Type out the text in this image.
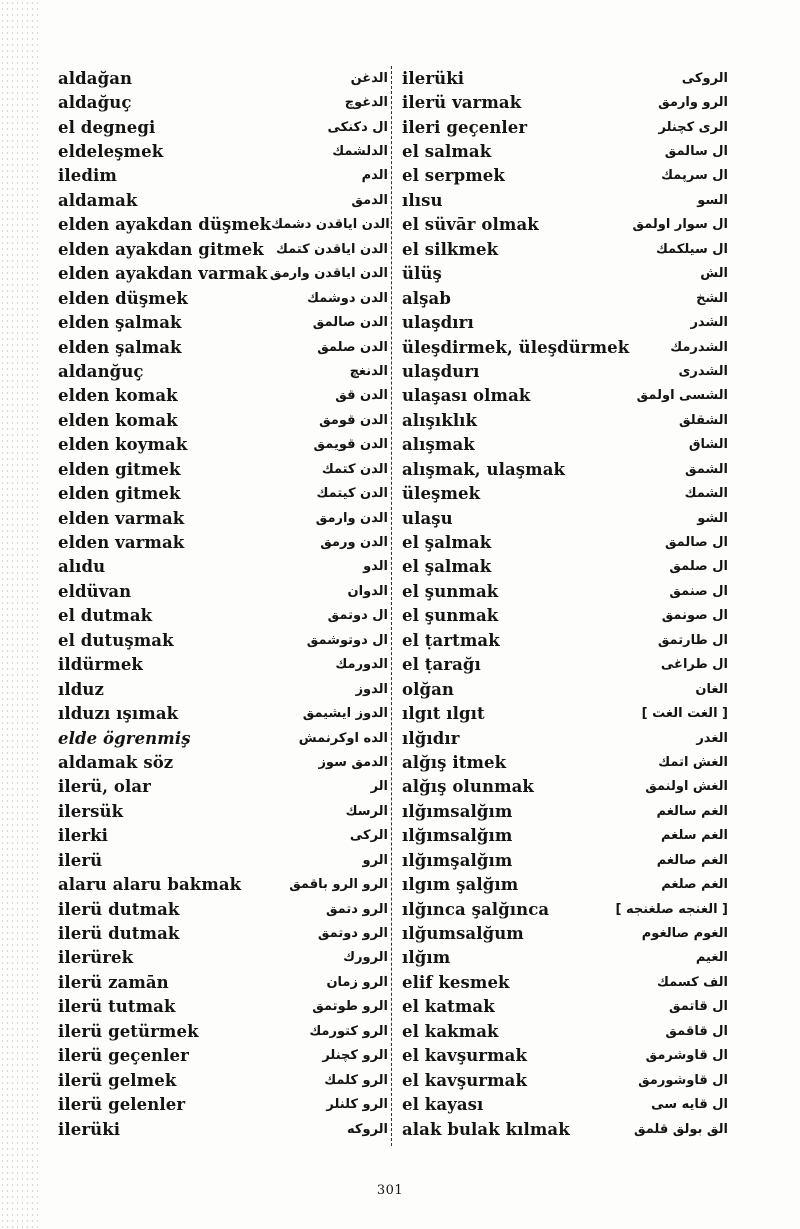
aldağan	الدغن
aldağuç	الدغوچ
el degnegi	ال دكنكى
eldeleşmek	الدلشمك
iledim	الدم
aldamak	الدمق
elden ayakdan düşmek الدن اياقدن دشمك
elden ayakdan gitmek الدن اياقدن كتمك
elden ayakdan varmak الدن اياقدن وارمق
elden düşmek	الدن دوشمك
elden şalmak	الدن صالمق
elden şalmak	الدن صلمق
aldanğuç	الدنغچ
elden komak	الدن قق
elden komak	الدن قومق
elden koymak	الدن قويمق
elden gitmek	الدن كتمك
elden gitmek	الدن كيتمك
elden varmak	الدن وارمق
elden varmak	الدن ورمق
alıdu	الدو
eldüvan	الدوان
el dutmak	ال دوتمق
el dutuşmak	ال دوتوشمق
ildürmek	الدورمك
ılduz	الدوز
ılduzı ışımak	الدوز ايشيمق
elde ögrenmiş	الده اوكرنمش
aldamak söz	الدمق سوز
ilerü, olar	الر
ilersük	الرسك
ilerki	الركى
ilerü	الرو
alaru alaru bakmak	الرو الرو باقمق
ilerü dutmak	الرو دتمق
ilerü dutmak	الرو دوتمق
ilerürek	الرورك
ilerü zamān	الرو زمان
ilerü tutmak	الرو طوتمق
ilerü getürmek	الرو كتورمك
ilerü geçenler	الرو كچنلر
ilerü gelmek	الرو كلمك
ilerü gelenler	الرو كلنلر
ilerüki	الروكه
ilerüki	الروكى
ilerü varmak	الرو وارمق
ileri geçenler	الرى كچنلر
el salmak	ال سالمق
el serpmek	ال سرپمك
ılısu	السو
el süvār olmak	ال سوار اولمق
el silkmek	ال سيلكمك
ülüş	الش
alşab	الشخ
ulaşdırı	الشدر
üleşdirmek, üleşdürmek	الشدرمك
ulaşdurı	الشدرى
ulaşası olmak	الشسى اولمق
alışıklık	الشقلق
alışmak	الشاق
alışmak, ulaşmak	الشمق
üleşmek	الشمك
ulaşu	الشو
el şalmak	ال صالمق
el şalmak	ال صلمق
el şunmak	ال صنمق
el şunmak	ال صونمق
el ṭartmak	ال طارتمق
el ṭarağı	ال طراغى
olğan	الغان
ılgıt ılgıt	[ الغت الغت ]
ılğıdır	الغدر
alğış itmek	الغش اتمك
alğış olunmak	الغش اولنمق
ılğımsalğım	الغم سالغم
ılğımsalğım	الغم سلغم
ılğımşalğım	الغم صالغم
ılgım şalğım	الغم صلغم
ılğınca şalğınca	[ الغنجه صلغنجه ]
ılğumsalğum	الغوم صالغوم
ılğım	الغيم
elif kesmek	الف كسمك
el katmak	ال قاتمق
el kakmak	ال قاقمق
el kavşurmak	ال قاوشرمق
el kavşurmak	ال قاوشورمق
el kayası	ال قايه سى
alak bulak kılmak	الق بولق قلمق
301
